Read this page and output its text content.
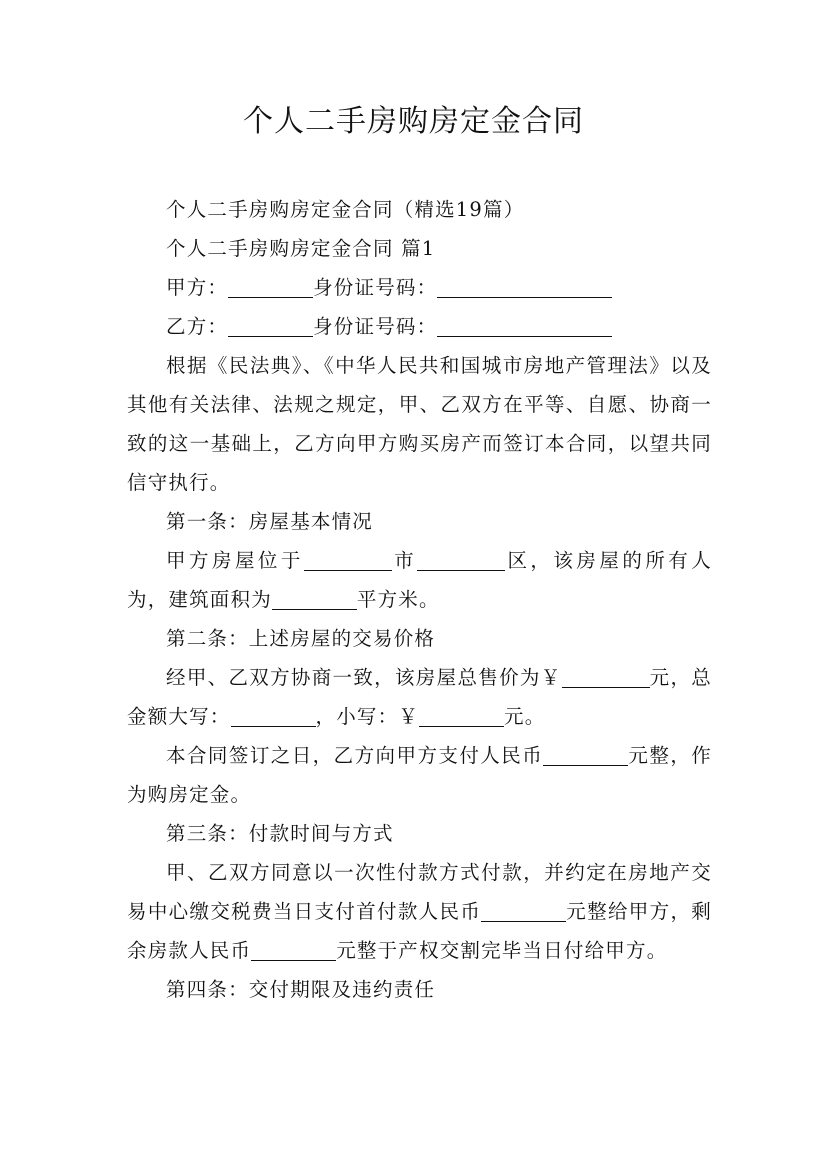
个人二手房购房定金合同

个人二手房购房定金合同（精选19篇）

个人二手房购房定金合同 篇1

甲方：	身份证号码：

乙方：	身份证号码：

根据《民法典》、《中华人民共和国城市房地产管理法》以及其他有关法律、法规之规定，甲、乙双方在平等、自愿、协商一致的这一基础上，乙方向甲方购买房产而签订本合同，以望共同信守执行。

第一条：房屋基本情况

甲方房屋位于	市	区，该房屋的所有人为，建筑面积为	平方米。

第二条：上述房屋的交易价格

经甲、乙双方协商一致，该房屋总售价为￥	元，总金额大写：	，小写：￥	元。

本合同签订之日，乙方向甲方支付人民币	元整，作为购房定金。

第三条：付款时间与方式

甲、乙双方同意以一次性付款方式付款，并约定在房地产交易中心缴交税费当日支付首付款人民币	元整给甲方，剩余房款人民币	元整于产权交割完毕当日付给甲方。

第四条：交付期限及违约责任
